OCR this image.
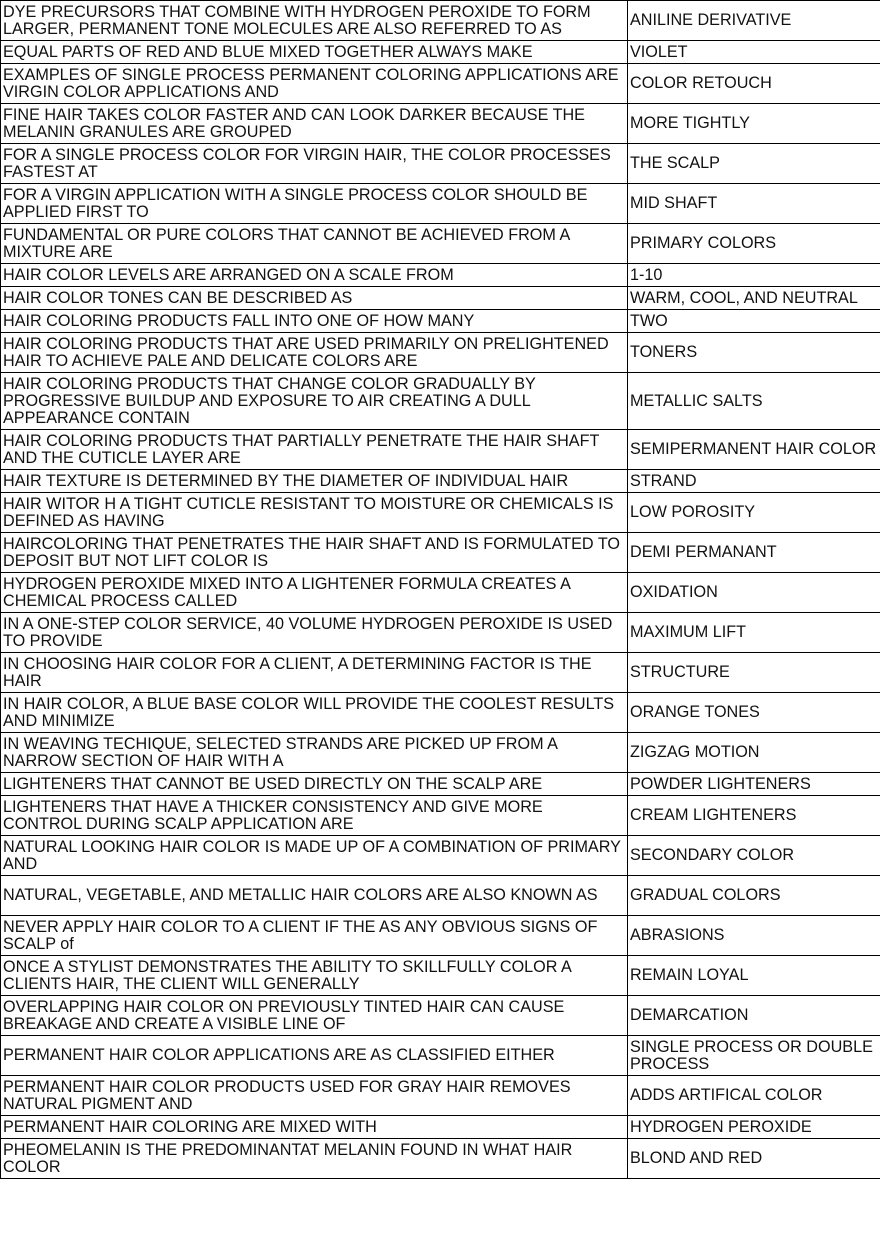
DYE PRECURSORS THAT COMBINE WITH HYDROGEN PEROXIDE TO FORM LARGER, PERMANENT TONE MOLECULES ARE ALSO REFERRED TO AS	ANILINE DERIVATIVE
EQUAL PARTS OF RED AND BLUE MIXED TOGETHER ALWAYS MAKE	VIOLET
EXAMPLES OF SINGLE PROCESS PERMANENT COLORING APPLICATIONS ARE VIRGIN COLOR APPLICATIONS AND	COLOR RETOUCH
FINE HAIR TAKES COLOR FASTER AND CAN LOOK DARKER BECAUSE THE MELANIN GRANULES ARE GROUPED	MORE TIGHTLY
FOR A SINGLE PROCESS COLOR FOR VIRGIN HAIR, THE COLOR PROCESSES FASTEST AT	THE SCALP
FOR A VIRGIN APPLICATION WITH A SINGLE PROCESS COLOR SHOULD BE APPLIED FIRST TO	MID SHAFT
FUNDAMENTAL OR PURE COLORS THAT CANNOT BE ACHIEVED FROM A MIXTURE ARE	PRIMARY COLORS
HAIR COLOR LEVELS ARE ARRANGED ON A SCALE FROM	1-10
HAIR COLOR TONES CAN BE DESCRIBED AS	WARM, COOL, AND NEUTRAL
HAIR COLORING PRODUCTS FALL INTO ONE OF HOW MANY	TWO
HAIR COLORING PRODUCTS THAT ARE USED PRIMARILY ON PRELIGHTENED HAIR TO ACHIEVE PALE AND DELICATE COLORS ARE	TONERS
HAIR COLORING PRODUCTS THAT CHANGE COLOR GRADUALLY BY PROGRESSIVE BUILDUP AND EXPOSURE TO AIR CREATING A DULL APPEARANCE CONTAIN	METALLIC SALTS
HAIR COLORING PRODUCTS THAT PARTIALLY PENETRATE THE HAIR SHAFT AND THE CUTICLE LAYER ARE	SEMIPERMANENT HAIR COLOR
HAIR TEXTURE IS DETERMINED BY THE DIAMETER OF INDIVIDUAL HAIR	STRAND
HAIR WITOR H A TIGHT CUTICLE RESISTANT TO MOISTURE OR CHEMICALS IS DEFINED AS HAVING	LOW POROSITY
HAIRCOLORING THAT PENETRATES THE HAIR SHAFT AND IS FORMULATED TO DEPOSIT BUT NOT LIFT COLOR IS	DEMI PERMANANT
HYDROGEN PEROXIDE MIXED INTO A LIGHTENER FORMULA CREATES A CHEMICAL PROCESS CALLED	OXIDATION
IN A ONE-STEP COLOR SERVICE, 40 VOLUME HYDROGEN PEROXIDE IS USED TO PROVIDE	MAXIMUM LIFT
IN CHOOSING HAIR COLOR FOR A CLIENT, A DETERMINING FACTOR IS THE HAIR	STRUCTURE
IN HAIR COLOR, A BLUE BASE COLOR WILL PROVIDE THE COOLEST RESULTS AND MINIMIZE	ORANGE TONES
IN WEAVING TECHIQUE, SELECTED STRANDS ARE PICKED UP FROM A NARROW SECTION OF HAIR WITH A	ZIGZAG MOTION
LIGHTENERS THAT CANNOT BE USED DIRECTLY ON THE SCALP ARE	POWDER LIGHTENERS
LIGHTENERS THAT HAVE A THICKER CONSISTENCY AND GIVE MORE CONTROL DURING SCALP APPLICATION ARE	CREAM LIGHTENERS
NATURAL LOOKING HAIR COLOR IS MADE UP OF A COMBINATION OF PRIMARY AND	SECONDARY COLOR
NATURAL, VEGETABLE, AND METALLIC HAIR COLORS ARE ALSO KNOWN AS	GRADUAL COLORS
NEVER APPLY HAIR COLOR TO A CLIENT IF THE AS ANY OBVIOUS SIGNS OF SCALP of	ABRASIONS
ONCE A STYLIST DEMONSTRATES THE ABILITY TO SKILLFULLY COLOR A CLIENTS HAIR, THE CLIENT WILL GENERALLY	REMAIN LOYAL
OVERLAPPING HAIR COLOR ON PREVIOUSLY TINTED HAIR CAN CAUSE BREAKAGE AND CREATE A VISIBLE LINE OF	DEMARCATION
PERMANENT HAIR COLOR APPLICATIONS ARE AS CLASSIFIED EITHER	SINGLE PROCESS OR DOUBLE PROCESS
PERMANENT HAIR COLOR PRODUCTS USED FOR GRAY HAIR REMOVES NATURAL PIGMENT AND	ADDS ARTIFICAL COLOR
PERMANENT HAIR COLORING ARE MIXED WITH	HYDROGEN PEROXIDE
PHEOMELANIN IS THE PREDOMINANTAT MELANIN FOUND IN WHAT HAIR COLOR	BLOND AND RED
